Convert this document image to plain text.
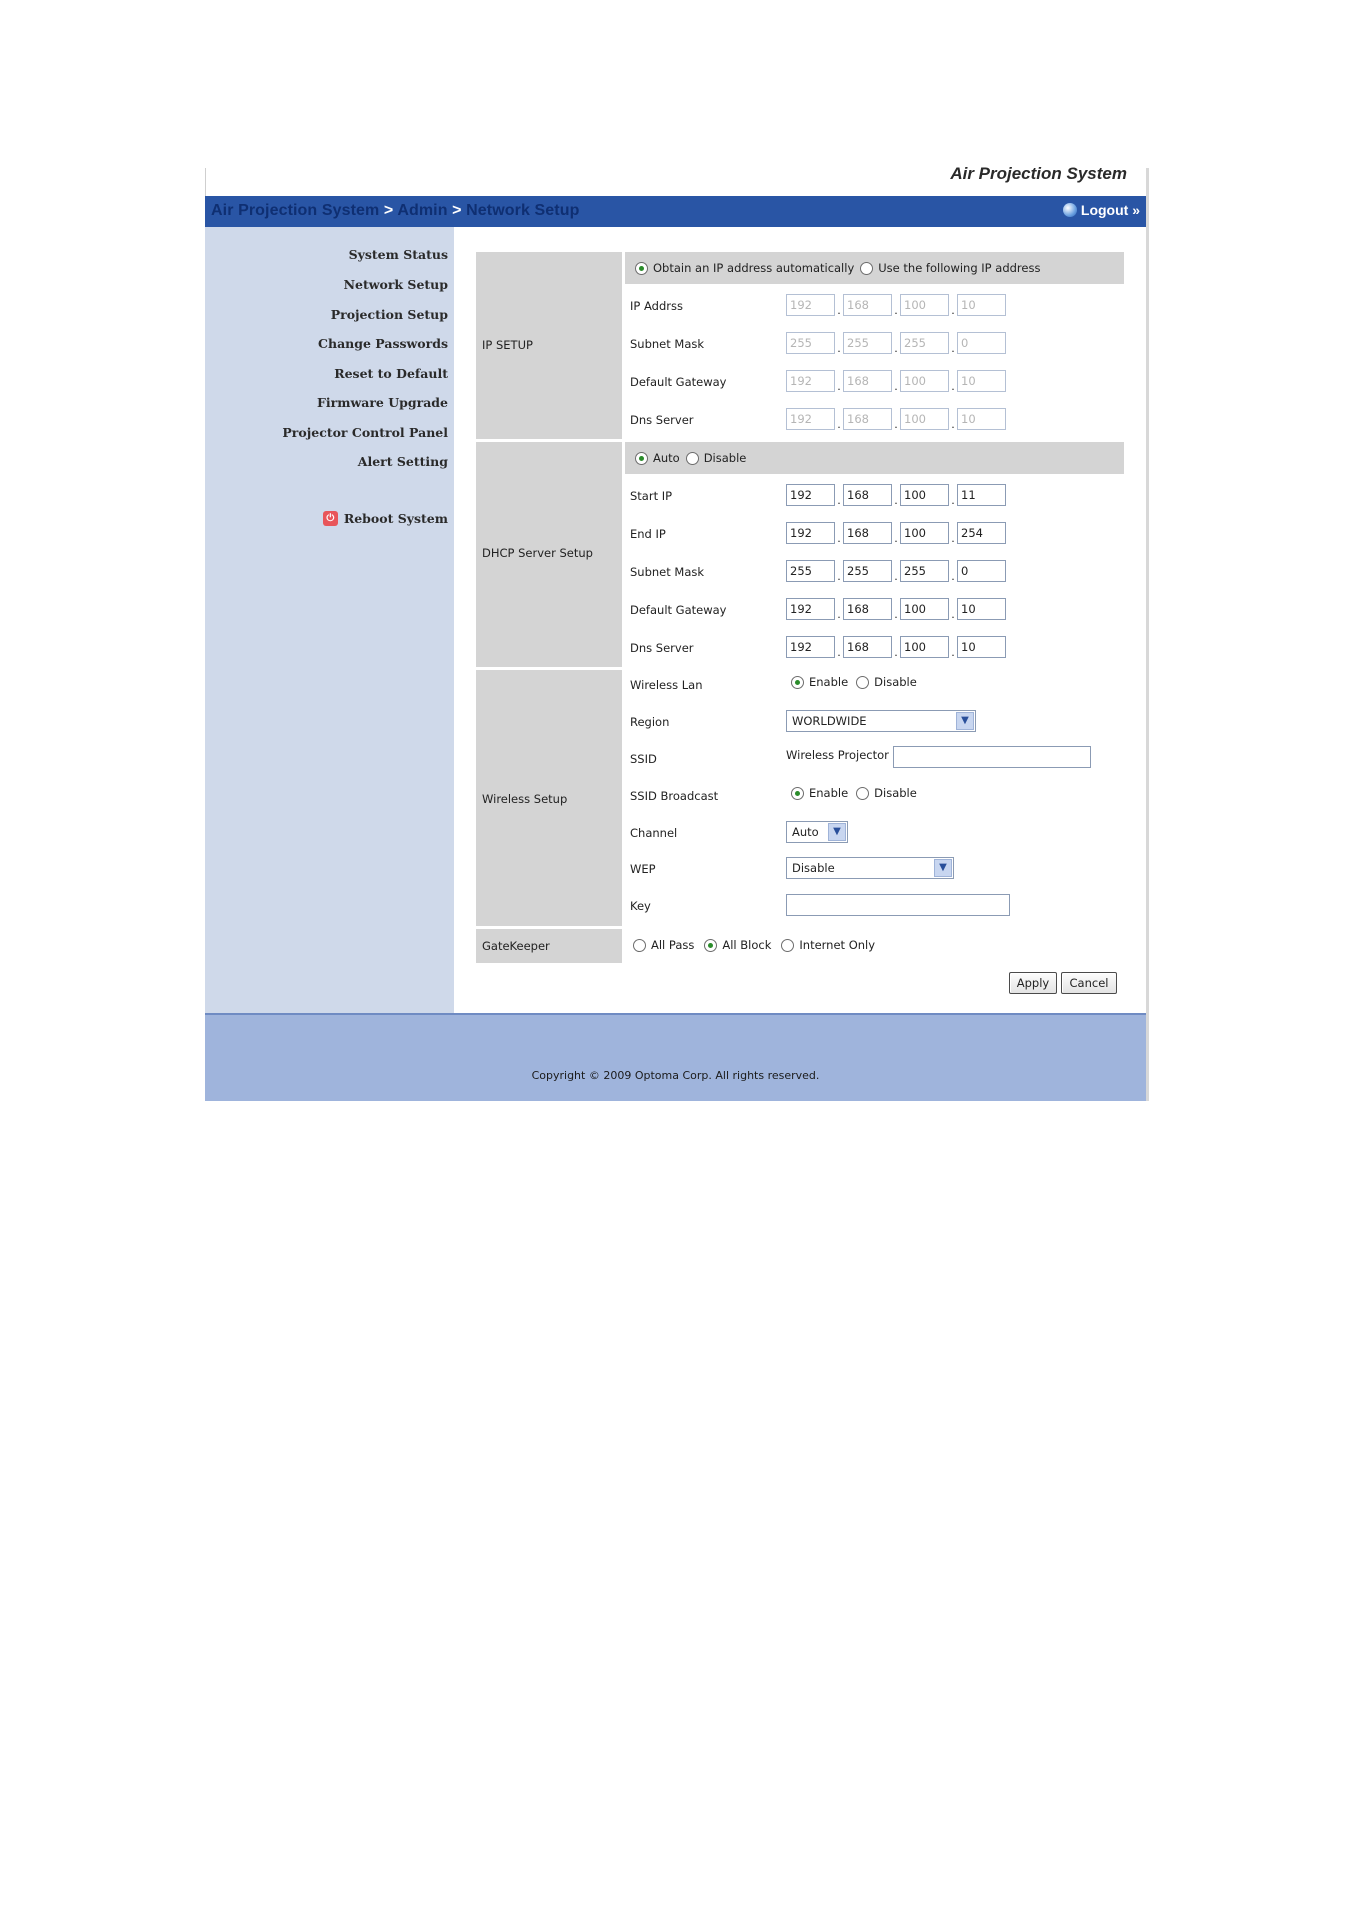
Air Projection System
Air Projection System > Admin > Network Setup	Logout »
System Status
Network Setup
Projection Setup
Change Passwords
Reset to Default
Firmware Upgrade
Projector Control Panel
Alert Setting
⏻ Reboot System
IP SETUP
Obtain an IP address automatically Use the following IP address
IP Addrss	192	. 168	. 100	. 10
Subnet Mask	255	. 255	. 255	. 0
Default Gateway	192	. 168	. 100	. 10
Dns Server	192	. 168	. 100	. 10
DHCP Server Setup
Auto Disable
Start IP	192	. 168	. 100	. 11
End IP	192	. 168	. 100	. 254
Subnet Mask	255	. 255	. 255	. 0
Default Gateway	192	. 168	. 100	. 10
Dns Server	192	. 168	. 100	. 10
Wireless Setup
Wireless Lan	Enable Disable
Region	WORLDWIDE	▼
SSID	Wireless Projector
SSID Broadcast	Enable Disable
Channel	Auto	▼
WEP	Disable	▼
Key
GateKeeper	All Pass All Block Internet Only
Apply	Cancel
Copyright © 2009 Optoma Corp. All rights reserved.
